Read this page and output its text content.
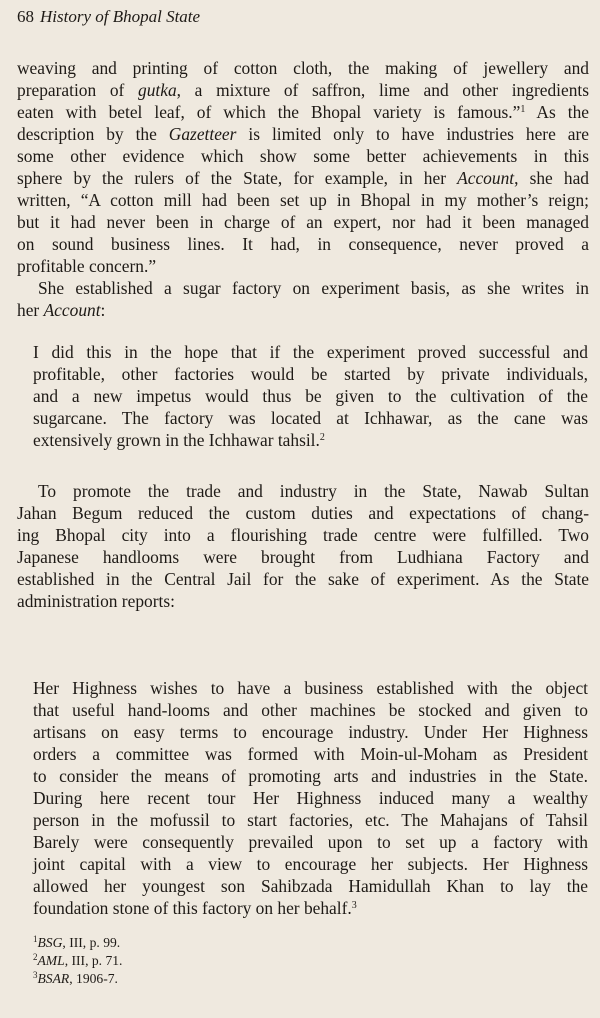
68 History of Bhopal State
weaving and printing of cotton cloth, the making of jewellery and
preparation of gutka, a mixture of saffron, lime and other ingredients
eaten with betel leaf, of which the Bhopal variety is famous.”$^1$ As the
description by the Gazetteer is limited only to have industries here are
some other evidence which show some better achievements in this
sphere by the rulers of the State, for example, in her Account, she had
written, “A cotton mill had been set up in Bhopal in my mother’s reign;
but it had never been in charge of an expert, nor had it been managed
on sound business lines. It had, in consequence, never proved a
profitable concern.”
She established a sugar factory on experiment basis, as she writes in
her Account:
I did this in the hope that if the experiment proved successful and
profitable, other factories would be started by private individuals,
and a new impetus would thus be given to the cultivation of the
sugarcane. The factory was located at Ichhawar, as the cane was
extensively grown in the Ichhawar tahsil.$^2$
To promote the trade and industry in the State, Nawab Sultan
Jahan Begum reduced the custom duties and expectations of chang-
ing Bhopal city into a flourishing trade centre were fulfilled. Two
Japanese handlooms were brought from Ludhiana Factory and
established in the Central Jail for the sake of experiment. As the State
administration reports:
Her Highness wishes to have a business established with the object
that useful hand-looms and other machines be stocked and given to
artisans on easy terms to encourage industry. Under Her Highness
orders a committee was formed with Moin-ul-Moham as President
to consider the means of promoting arts and industries in the State.
During here recent tour Her Highness induced many a wealthy
person in the mofussil to start factories, etc. The Mahajans of Tahsil
Barely were consequently prevailed upon to set up a factory with
joint capital with a view to encourage her subjects. Her Highness
allowed her youngest son Sahibzada Hamidullah Khan to lay the
foundation stone of this factory on her behalf.$^3$
$^1$BSG, III, p. 99.
$^2$AML, III, p. 71.
$^3$BSAR, 1906-7.
